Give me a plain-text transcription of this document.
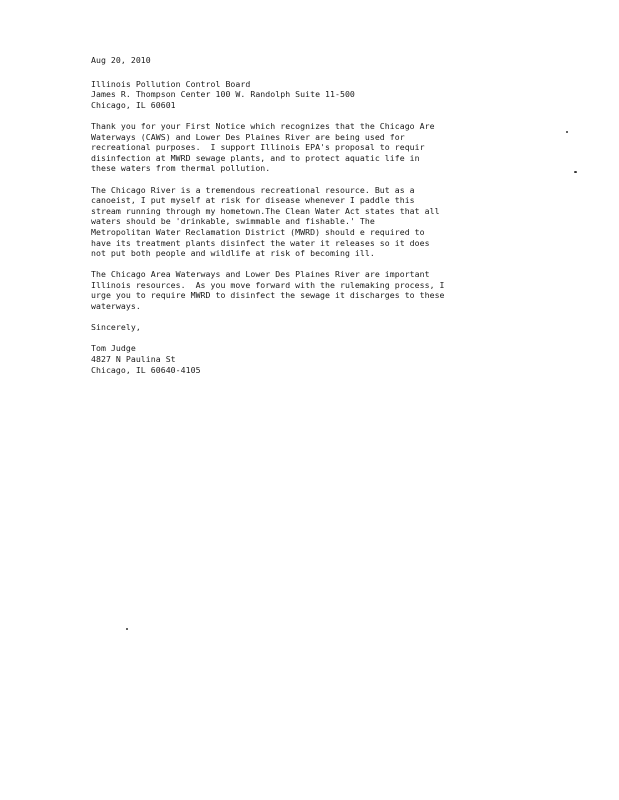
Aug 20, 2010
Illinois Pollution Control Board
James R. Thompson Center 100 W. Randolph Suite 11-500
Chicago, IL 60601
Thank you for your First Notice which recognizes that the Chicago Are
Waterways (CAWS) and Lower Des Plaines River are being used for
recreational purposes.  I support Illinois EPA's proposal to requir
disinfection at MWRD sewage plants, and to protect aquatic life in
these waters from thermal pollution.
The Chicago River is a tremendous recreational resource. But as a
canoeist, I put myself at risk for disease whenever I paddle this
stream running through my hometown.The Clean Water Act states that all
waters should be 'drinkable, swimmable and fishable.' The
Metropolitan Water Reclamation District (MWRD) should e required to
have its treatment plants disinfect the water it releases so it does
not put both people and wildlife at risk of becoming ill.
The Chicago Area Waterways and Lower Des Plaines River are important
Illinois resources.  As you move forward with the rulemaking process, I
urge you to require MWRD to disinfect the sewage it discharges to these
waterways.
Sincerely,
Tom Judge
4827 N Paulina St
Chicago, IL 60640-4105
